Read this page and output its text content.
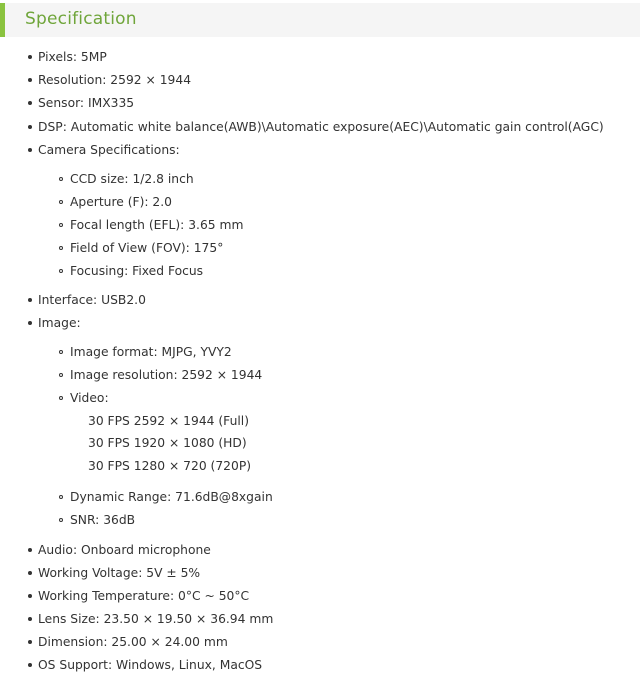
Specification
Pixels: 5MP
Resolution: 2592 × 1944
Sensor: IMX335
DSP: Automatic white balance(AWB)\Automatic exposure(AEC)\Automatic gain control(AGC)
Camera Specifications:
CCD size: 1/2.8 inch
Aperture (F): 2.0
Focal length (EFL): 3.65 mm
Field of View (FOV): 175°
Focusing: Fixed Focus
Interface: USB2.0
Image:
Image format: MJPG, YVY2
Image resolution: 2592 × 1944
Video:
30 FPS 2592 × 1944 (Full)
30 FPS 1920 × 1080 (HD)
30 FPS 1280 × 720 (720P)
Dynamic Range: 71.6dB@8xgain
SNR: 36dB
Audio: Onboard microphone
Working Voltage: 5V ± 5%
Working Temperature: 0°C ~ 50°C
Lens Size: 23.50 × 19.50 × 36.94 mm
Dimension: 25.00 × 24.00 mm
OS Support: Windows, Linux, MacOS
